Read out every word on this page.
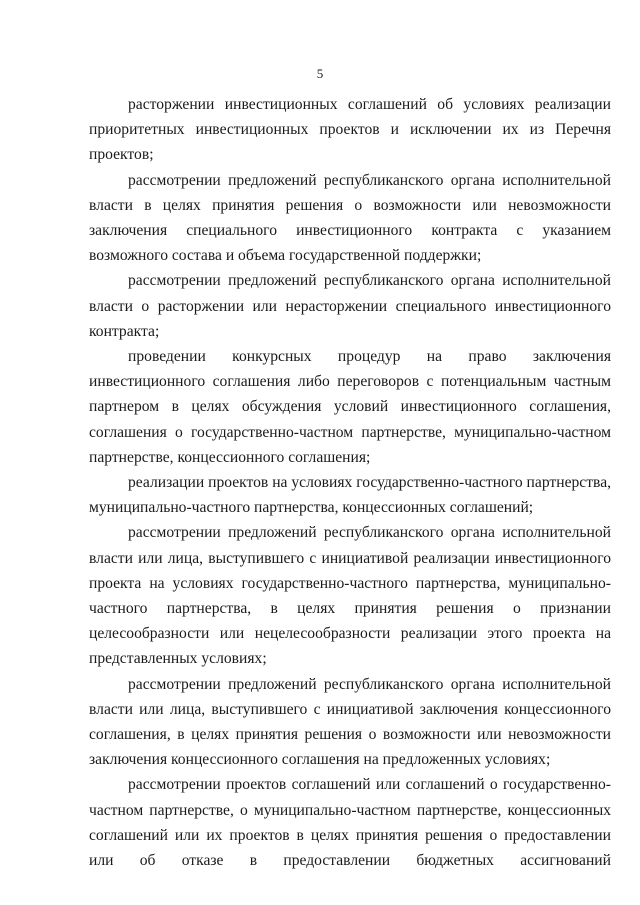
5

расторжении инвестиционных соглашений об условиях реализации приоритетных инвестиционных проектов и исключении их из Перечня проектов;

рассмотрении предложений республиканского органа исполнительной власти в целях принятия решения о возможности или невозможности заключения специального инвестиционного контракта с указанием возможного состава и объема государственной поддержки;

рассмотрении предложений республиканского органа исполнительной власти о расторжении или нерасторжении специального инвестиционного контракта;

проведении конкурсных процедур на право заключения инвестиционного соглашения либо переговоров с потенциальным частным партнером в целях обсуждения условий инвестиционного соглашения, соглашения о государственно-частном партнерстве, муниципально-частном партнерстве, концессионного соглашения;

реализации проектов на условиях государственно-частного партнерства, муниципально-частного партнерства, концессионных соглашений;

рассмотрении предложений республиканского органа исполнительной власти или лица, выступившего с инициативой реализации инвестиционного проекта на условиях государственно-частного партнерства, муниципально-частного партнерства, в целях принятия решения о признании целесообразности или нецелесообразности реализации этого проекта на представленных условиях;

рассмотрении предложений республиканского органа исполнительной власти или лица, выступившего с инициативой заключения концессионного соглашения, в целях принятия решения о возможности или невозможности заключения концессионного соглашения на предложенных условиях;

рассмотрении проектов соглашений или соглашений о государственно-частном партнерстве, о муниципально-частном партнерстве, концессионных соглашений или их проектов в целях принятия решения о предоставлении или об отказе в предоставлении бюджетных ассигнований
